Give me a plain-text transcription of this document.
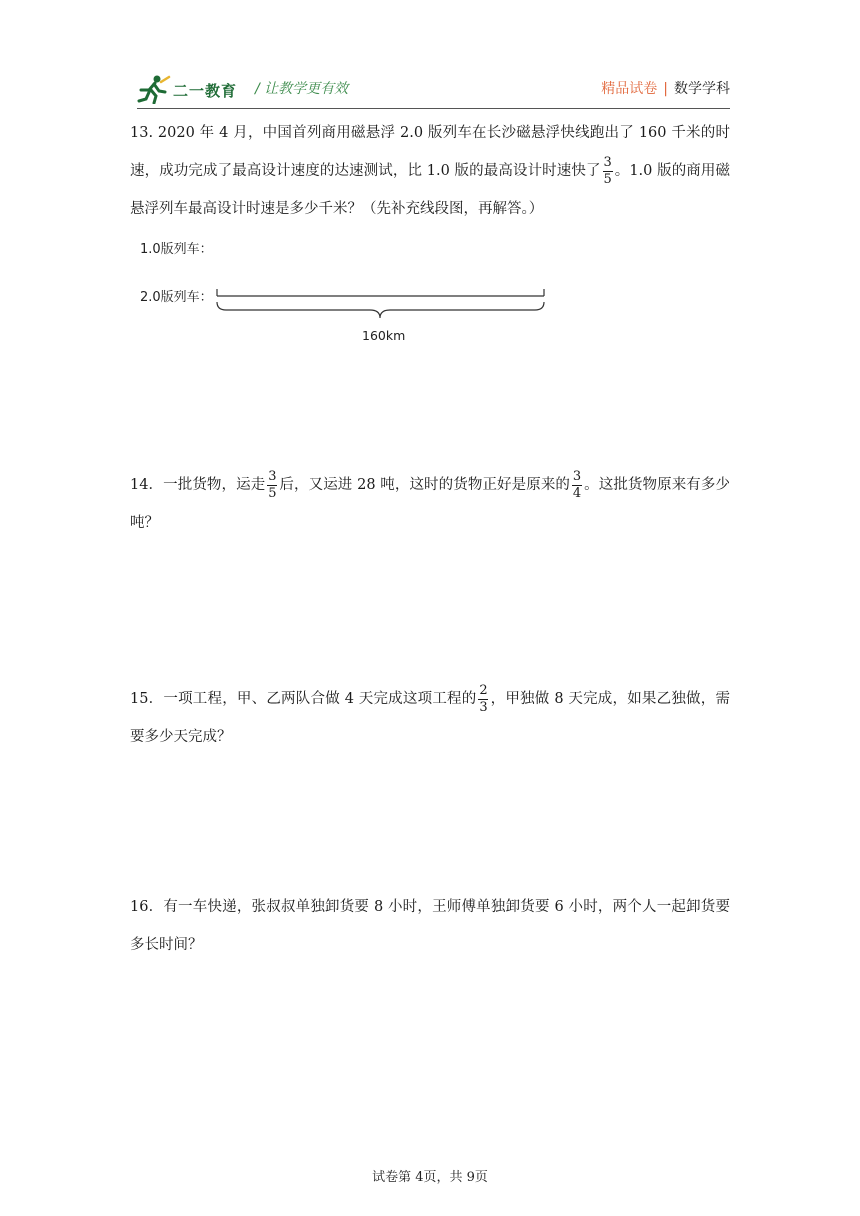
二一教育 / 让教学更有效	精品试卷 | 数学学科
13. 2020 年 4 月，中国首列商用磁悬浮 2.0 版列车在长沙磁悬浮快线跑出了 160 千米的时速，成功完成了最高设计速度的达速测试，比 1.0 版的最高设计时速快了 $\frac{3}{5}$ 。1.0 版的商用磁悬浮列车最高设计时速是多少千米？（先补充线段图，再解答。）
1.0版列车：
2.0版列车：
160km
14．一批货物，运走 $\frac{3}{5}$ 后，又运进 28 吨，这时的货物正好是原来的 $\frac{3}{4}$ 。这批货物原来有多少吨？
15．一项工程，甲、乙两队合做 4 天完成这项工程的 $\frac{2}{3}$ ，甲独做 8 天完成，如果乙独做，需要多少天完成？
16．有一车快递，张叔叔单独卸货要 8 小时，王师傅单独卸货要 6 小时，两个人一起卸货要多长时间？
试卷第 4页，共 9页
